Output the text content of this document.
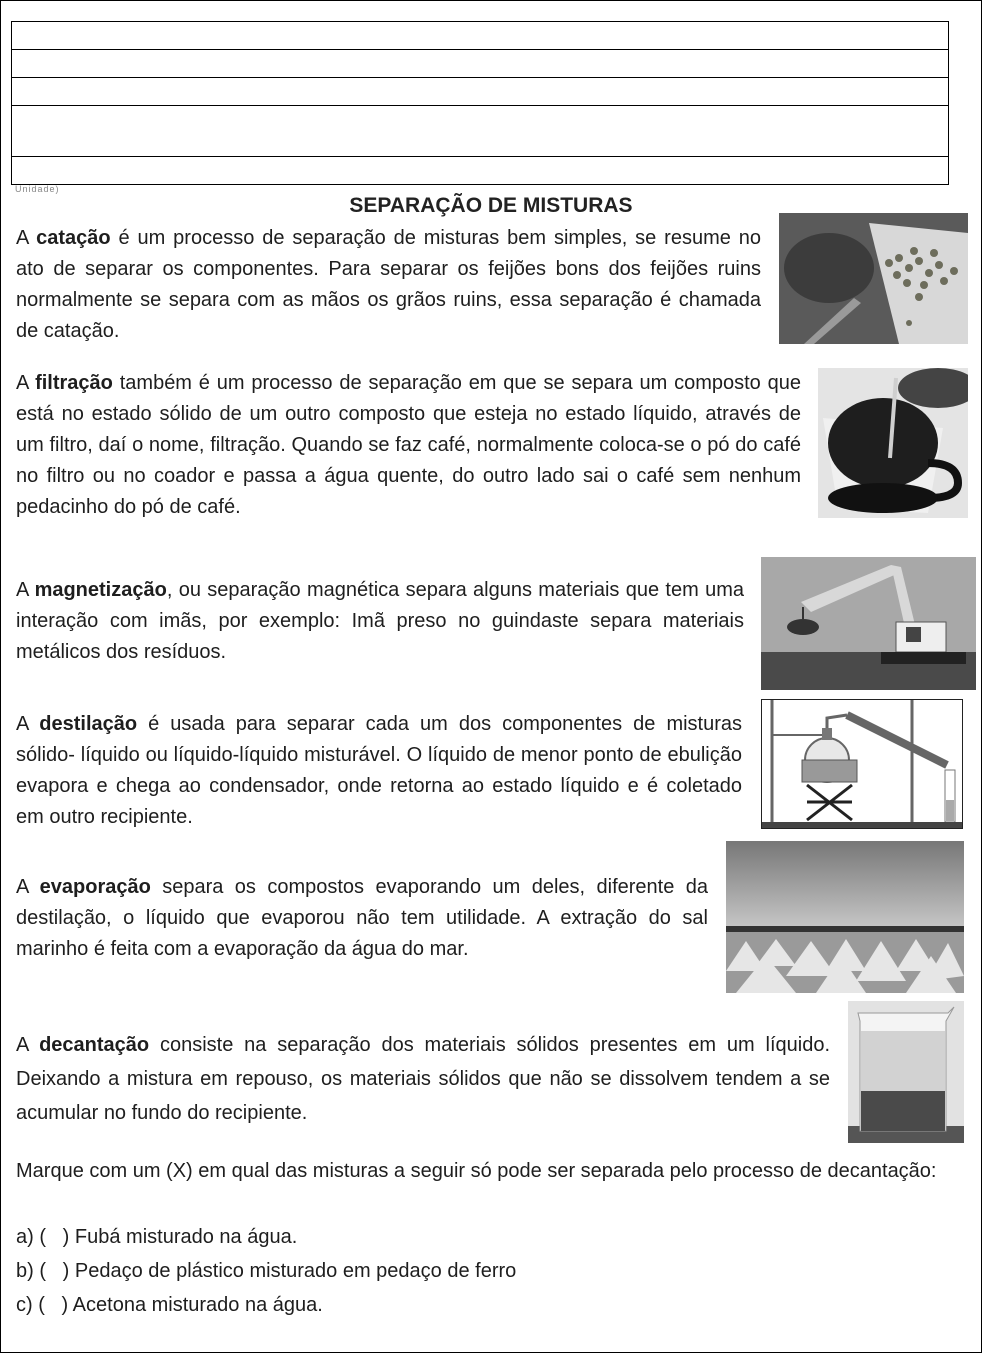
Unidade)
SEPARAÇÃO DE MISTURAS
A catação é um processo de separação de misturas bem simples, se resume no ato de separar os componentes. Para separar os feijões bons dos feijões ruins normalmente se separa com as mãos os grãos ruins, essa separação é chamada de catação.
A filtração também é um processo de separação em que se separa um composto que está no estado sólido de um outro composto que esteja no estado líquido, através de um filtro, daí o nome, filtração. Quando se faz café, normalmente coloca-se o pó do café no filtro ou no coador e passa a água quente, do outro lado sai o café sem nenhum pedacinho do pó de café.
A magnetização, ou separação magnética separa alguns materiais que tem uma interação com imãs, por exemplo: Imã preso no guindaste separa materiais metálicos dos resíduos.
A destilação é usada para separar cada um dos componentes de misturas sólido- líquido ou líquido-líquido misturável. O líquido de menor ponto de ebulição evapora e chega ao condensador, onde retorna ao estado líquido e é coletado em outro recipiente.
A evaporação separa os compostos evaporando um deles, diferente da destilação, o líquido que evaporou não tem utilidade. A extração do sal marinho é feita com a evaporação da água do mar.
A decantação consiste na separação dos materiais sólidos presentes em um líquido. Deixando a mistura em repouso, os materiais sólidos que não se dissolvem tendem a se acumular no fundo do recipiente.
Marque com um (X) em qual das misturas a seguir só pode ser separada pelo processo de decantação:
a) (   ) Fubá misturado na água.
b) (   ) Pedaço de plástico misturado em pedaço de ferro
c) (   ) Acetona misturado na água.
